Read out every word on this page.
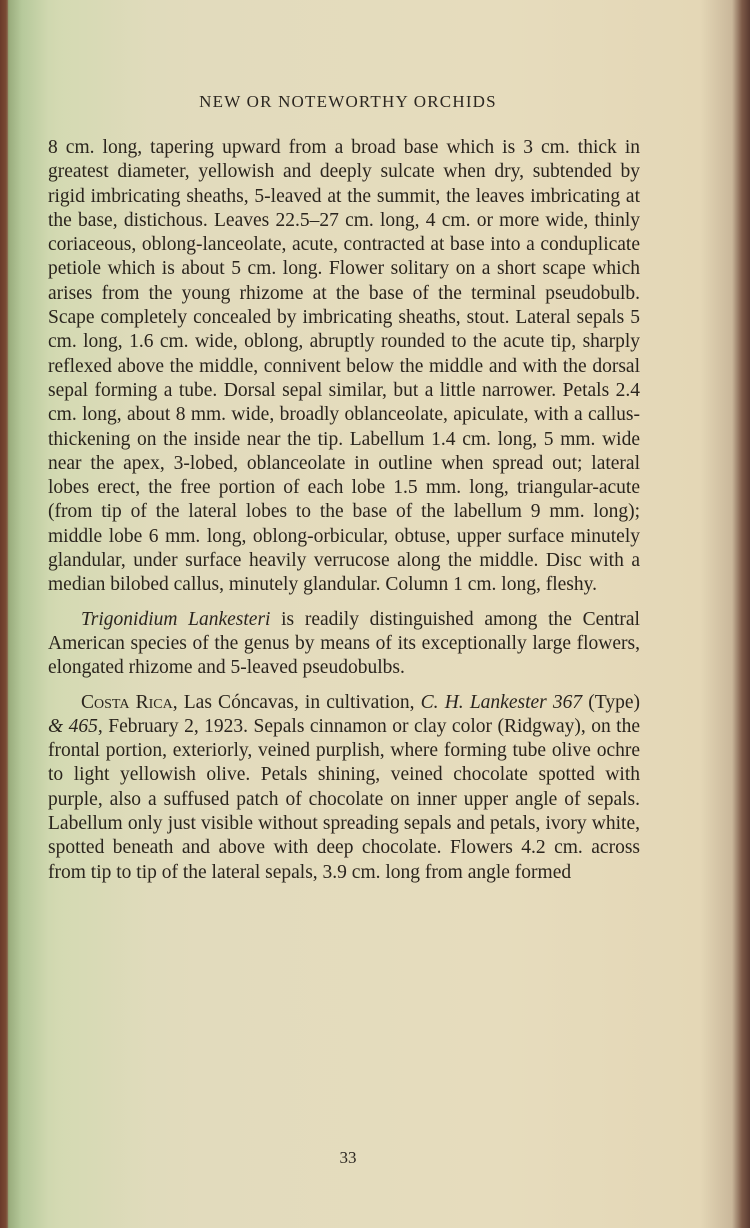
NEW OR NOTEWORTHY ORCHIDS

8 cm. long, tapering upward from a broad base which is 3 cm. thick in greatest diameter, yellowish and deeply sulcate when dry, subtended by rigid imbricating sheaths, 5-leaved at the summit, the leaves imbricating at the base, distichous. Leaves 22.5–27 cm. long, 4 cm. or more wide, thinly coriaceous, oblong-lanceolate, acute, contracted at base into a conduplicate petiole which is about 5 cm. long. Flower solitary on a short scape which arises from the young rhizome at the base of the terminal pseudobulb. Scape completely concealed by imbricating sheaths, stout. Lateral sepals 5 cm. long, 1.6 cm. wide, oblong, abruptly rounded to the acute tip, sharply reflexed above the middle, connivent below the middle and with the dorsal sepal forming a tube. Dorsal sepal similar, but a little narrower. Petals 2.4 cm. long, about 8 mm. wide, broadly oblanceolate, apiculate, with a callus-thickening on the inside near the tip. Labellum 1.4 cm. long, 5 mm. wide near the apex, 3-lobed, oblanceolate in outline when spread out; lateral lobes erect, the free portion of each lobe 1.5 mm. long, triangular-acute (from tip of the lateral lobes to the base of the labellum 9 mm. long); middle lobe 6 mm. long, oblong-orbicular, obtuse, upper surface minutely glandular, under surface heavily verrucose along the middle. Disc with a median bilobed callus, minutely glandular. Column 1 cm. long, fleshy.

Trigonidium Lankesteri is readily distinguished among the Central American species of the genus by means of its exceptionally large flowers, elongated rhizome and 5-leaved pseudobulbs.

Costa Rica, Las Cóncavas, in cultivation, C. H. Lankester 367 (Type) & 465, February 2, 1923. Sepals cinnamon or clay color (Ridgway), on the frontal portion, exteriorly, veined purplish, where forming tube olive ochre to light yellowish olive. Petals shining, veined chocolate spotted with purple, also a suffused patch of chocolate on inner upper angle of sepals. Labellum only just visible without spreading sepals and petals, ivory white, spotted beneath and above with deep chocolate. Flowers 4.2 cm. across from tip to tip of the lateral sepals, 3.9 cm. long from angle formed

33
